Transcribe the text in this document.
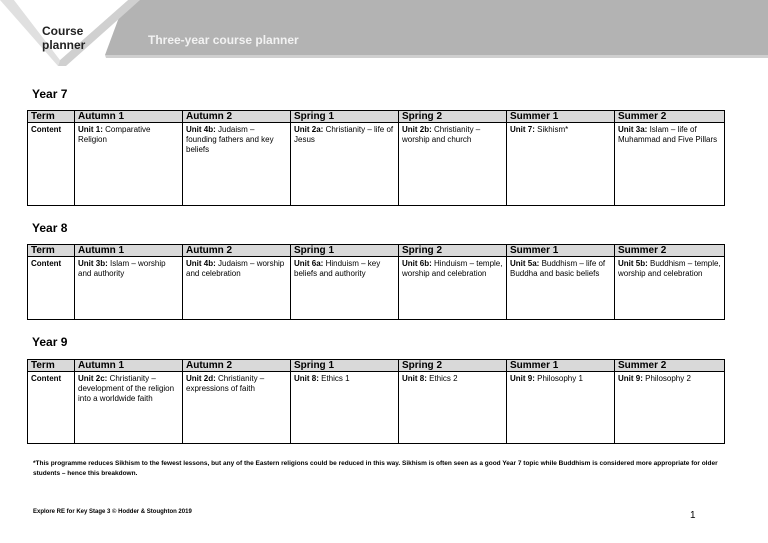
Course planner	Three-year course planner
Year 7
Term	Autumn 1	Autumn 2	Spring 1	Spring 2	Summer 1	Summer 2
Content	Unit 1: Comparative Religion	Unit 4b: Judaism – founding fathers and key beliefs	Unit 2a: Christianity – life of Jesus	Unit 2b: Christianity – worship and church	Unit 7: Sikhism*	Unit 3a: Islam – life of Muhammad and Five Pillars
Year 8
Term	Autumn 1	Autumn 2	Spring 1	Spring 2	Summer 1	Summer 2
Content	Unit 3b: Islam – worship and authority	Unit 4b: Judaism – worship and celebration	Unit 6a: Hinduism – key beliefs and authority	Unit 6b: Hinduism – temple, worship and celebration	Unit 5a: Buddhism – life of Buddha and basic beliefs	Unit 5b: Buddhism – temple, worship and celebration
Year 9
Term	Autumn 1	Autumn 2	Spring 1	Spring 2	Summer 1	Summer 2
Content	Unit 2c: Christianity – development of the religion into a worldwide faith	Unit 2d: Christianity – expressions of faith	Unit 8: Ethics 1	Unit 8: Ethics 2	Unit 9: Philosophy 1	Unit 9: Philosophy 2
*This programme reduces Sikhism to the fewest lessons, but any of the Eastern religions could be reduced in this way. Sikhism is often seen as a good Year 7 topic while Buddhism is considered more appropriate for older students – hence this breakdown.
Explore RE for Key Stage 3 © Hodder & Stoughton 2019	1
